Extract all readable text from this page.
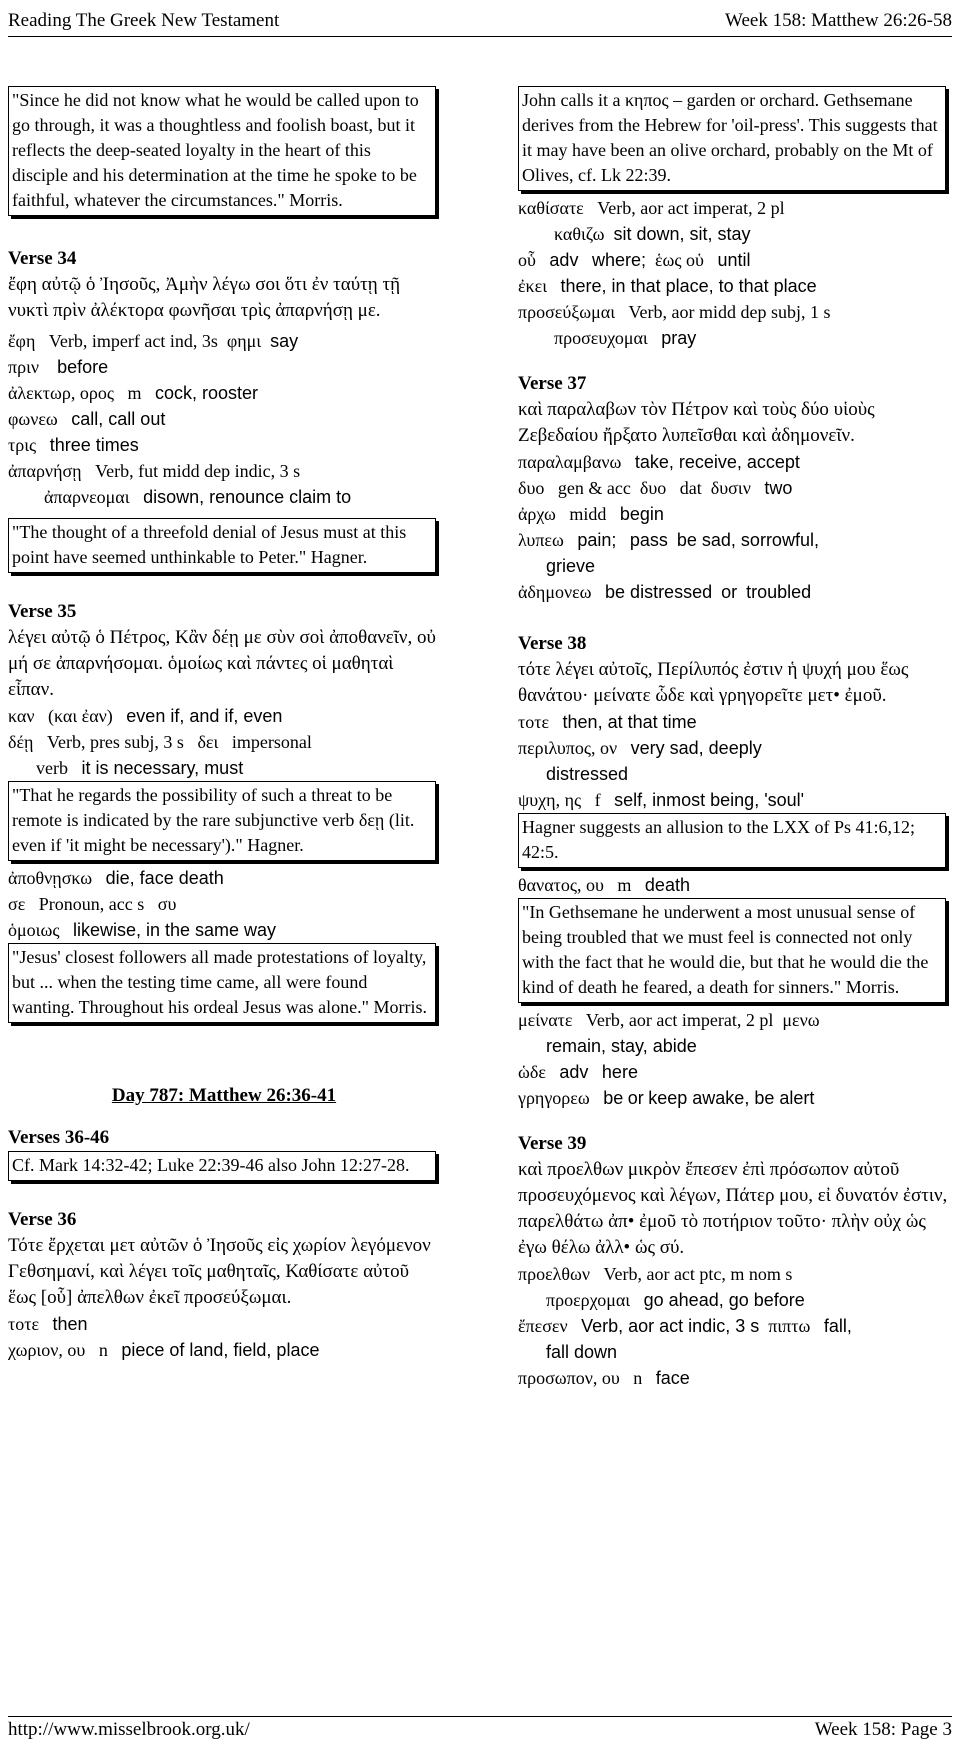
Reading The Greek New Testament	Week 158: Matthew 26:26-58
"Since he did not know what he would be called upon to go through, it was a thoughtless and foolish boast, but it reflects the deep-seated loyalty in the heart of this disciple and his determination at the time he spoke to be faithful, whatever the circumstances." Morris.
Verse 34
ἔφη αὐτῷ ὁ Ἰησοῦς, Ἀμὴν λέγω σοι ὅτι ἐν ταύτῃ τῇ νυκτὶ πρὶν ἀλέκτορα φωνῆσαι τρὶς ἀπαρνήσῃ με.
ἔφη Verb, imperf act ind, 3s φημι say
πριν before
ἀλεκτωρ, ορος m cock, rooster
φωνεω call, call out
τρις three times
ἀπαρνήσῃ Verb, fut midd dep indic, 3 s
ἀπαρνεομαι disown, renounce claim to
"The thought of a threefold denial of Jesus must at this point have seemed unthinkable to Peter." Hagner.
Verse 35
λέγει αὐτῷ ὁ Πέτρος, Κἂν δέῃ με σὺν σοὶ ἀποθανεῖν, οὐ μή σε ἀπαρνήσομαι. ὁμοίως καὶ πάντες οἱ μαθηταὶ εἶπαν.
καν (και ἐαν) even if, and if, even
δέῃ Verb, pres subj, 3 s δει impersonal
verb it is necessary, must
"That he regards the possibility of such a threat to be remote is indicated by the rare subjunctive verb δεῃ (lit. even if 'it might be necessary')." Hagner.
ἀποθνῃσκω die, face death
σε Pronoun, acc s συ
ὁμοιως likewise, in the same way
"Jesus' closest followers all made protestations of loyalty, but ... when the testing time came, all were found wanting. Throughout his ordeal Jesus was alone." Morris.
Day 787: Matthew 26:36-41
Verses 36-46
Cf. Mark 14:32-42; Luke 22:39-46 also John 12:27-28.
Verse 36
Τότε ἔρχεται μετ αὐτῶν ὁ Ἰησοῦς εἰς χωρίον λεγόμενον Γεθσημανί, καὶ λέγει τοῖς μαθηταῖς, Καθίσατε αὐτοῦ ἕως [οὗ] ἀπελθων ἐκεῖ προσεύξωμαι.
τοτε then
χωριον, ου n piece of land, field, place
John calls it a κηπος – garden or orchard. Gethsemane derives from the Hebrew for 'oil-press'. This suggests that it may have been an olive orchard, probably on the Mt of Olives, cf. Lk 22:39.
καθίσατε Verb, aor act imperat, 2 pl
καθιζω sit down, sit, stay
οὗ adv where; ἑως οὑ until
ἐκει there, in that place, to that place
προσεύξωμαι Verb, aor midd dep subj, 1 s
προσευχομαι pray
Verse 37
καὶ παραλαβων τὸν Πέτρον καὶ τοὺς δύο υἱοὺς Ζεβεδαίου ἤρξατο λυπεῖσθαι καὶ ἀδημονεῖν.
παραλαμβανω take, receive, accept
δυο gen & acc δυο dat δυσιν two
ἀρχω midd begin
λυπεω pain; pass be sad, sorrowful,
grieve
ἀδημονεω be distressed or troubled
Verse 38
τότε λέγει αὐτοῖς, Περίλυπός ἐστιν ἡ ψυχή μου ἕως θανάτου· μείνατε ὧδε καὶ γρηγορεῖτε μετ• ἐμοῦ.
τοτε then, at that time
περιλυπος, ον very sad, deeply
distressed
ψυχη, ης f self, inmost being, 'soul'
Hagner suggests an allusion to the LXX of Ps 41:6,12; 42:5.
θανατος, ου m death
"In Gethsemane he underwent a most unusual sense of being troubled that we must feel is connected not only with the fact that he would die, but that he would die the kind of death he feared, a death for sinners." Morris.
μείνατε Verb, aor act imperat, 2 pl μενω
remain, stay, abide
ὡδε adv here
γρηγορεω be or keep awake, be alert
Verse 39
καὶ προελθων μικρὸν ἔπεσεν ἐπὶ πρόσωπον αὐτοῦ προσευχόμενος καὶ λέγων, Πάτερ μου, εἰ δυνατόν ἐστιν, παρελθάτω ἀπ• ἐμοῦ τὸ ποτήριον τοῦτο· πλὴν οὐχ ὡς ἐγω θέλω ἀλλ• ὡς σύ.
προελθων Verb, aor act ptc, m nom s
προερχομαι go ahead, go before
ἔπεσεν Verb, aor act indic, 3 s πιπτω fall,
fall down
προσωπον, ου n face
http://www.misselbrook.org.uk/	Week 158: Page 3
